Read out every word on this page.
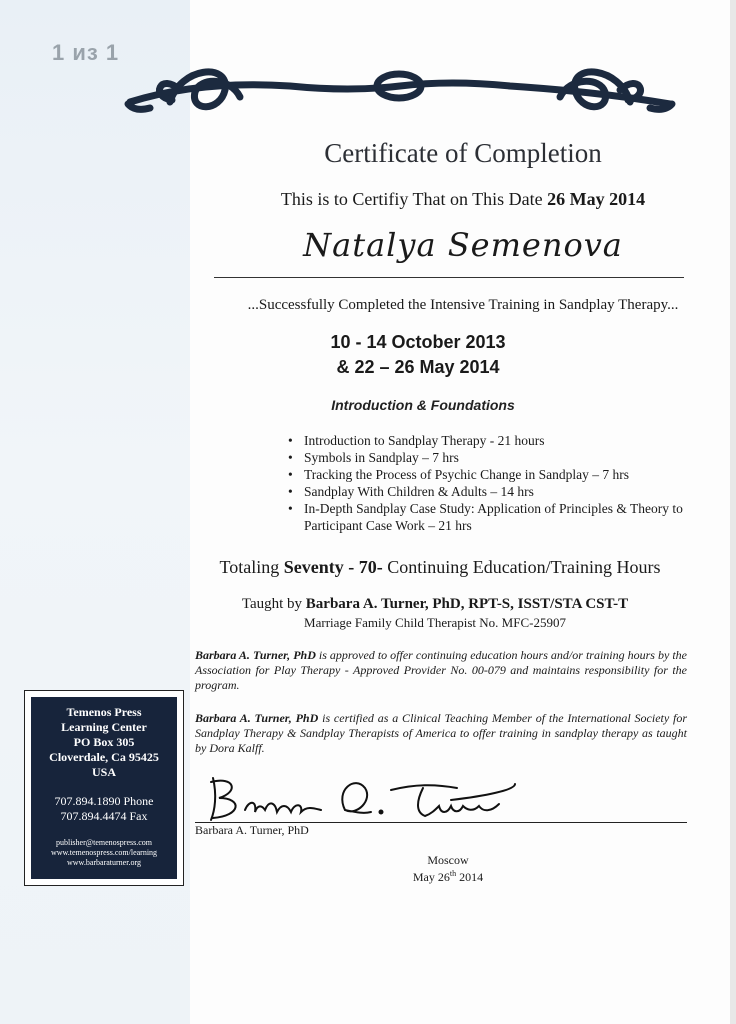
1 из 1
Certificate of Completion
This is to Certifiy That on This Date 26 May 2014
Natalya Semenova
...Successfully Completed the Intensive Training in Sandplay Therapy...
10 - 14 October 2013
& 22 – 26 May 2014
Introduction & Foundations
• Introduction to Sandplay Therapy - 21 hours
• Symbols in Sandplay – 7 hrs
• Tracking the Process of Psychic Change in Sandplay – 7 hrs
• Sandplay With Children & Adults – 14 hrs
• In-Depth Sandplay Case Study: Application of Principles & Theory to Participant Case Work – 21 hrs
Totaling Seventy - 70- Continuing Education/Training Hours
Taught by Barbara A. Turner, PhD, RPT-S, ISST/STA CST-T
Marriage Family Child Therapist No. MFC-25907
Barbara A. Turner, PhD is approved to offer continuing education hours and/or training hours by the Association for Play Therapy - Approved Provider No. 00-079 and maintains responsibility for the program.
Barbara A. Turner, PhD is certified as a Clinical Teaching Member of the International Society for Sandplay Therapy & Sandplay Therapists of America to offer training in sandplay therapy as taught by Dora Kalff.
Barbara A. Turner, PhD
Moscow
May 26th 2014
Temenos Press
Learning Center
PO Box 305
Cloverdale, Ca 95425
USA
707.894.1890 Phone
707.894.4474 Fax
publisher@temenospress.com
www.temenospress.com/learning
www.barbaraturner.org
